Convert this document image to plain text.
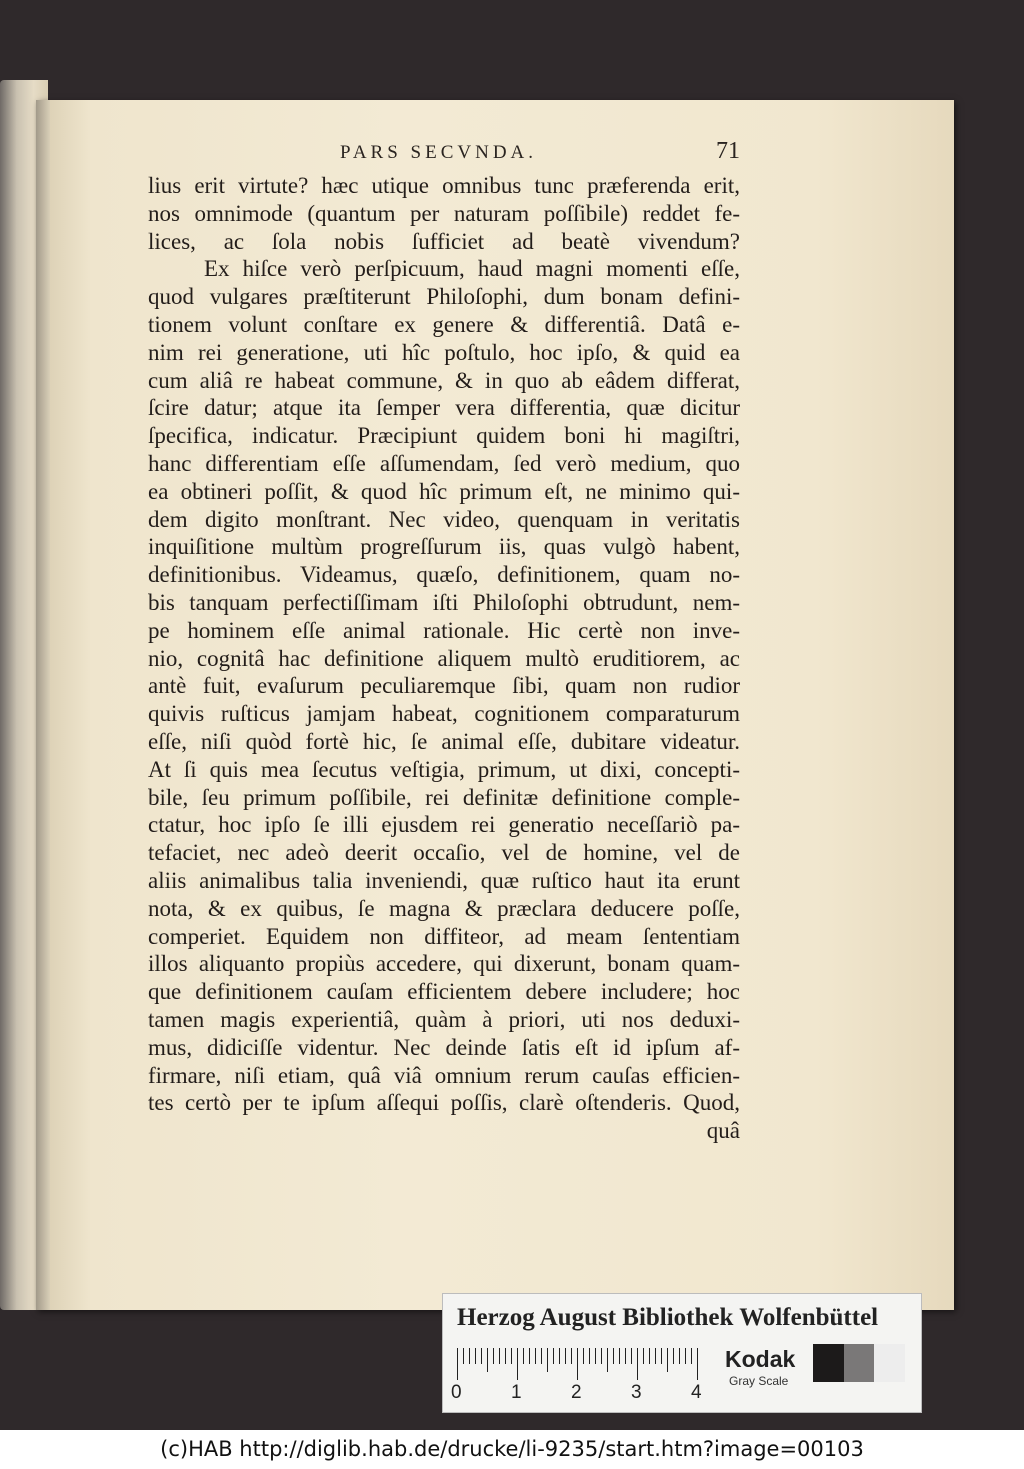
PARS SECVNDA.	71
lius erit virtute? hæc utique omnibus tunc præferenda erit,
nos omnimode (quantum per naturam poſſibile) reddet fe-
lices, ac ſola nobis ſufficiet ad beatè vivendum?
Ex hiſce verò perſpicuum, haud magni momenti eſſe,
quod vulgares præſtiterunt Philoſophi, dum bonam defini-
tionem volunt conſtare ex genere & differentiâ. Datâ e-
nim rei generatione, uti hîc poſtulo, hoc ipſo, & quid ea
cum aliâ re habeat commune, & in quo ab eâdem differat,
ſcire datur; atque ita ſemper vera differentia, quæ dicitur
ſpecifica, indicatur. Præcipiunt quidem boni hi magiſtri,
hanc differentiam eſſe aſſumendam, ſed verò medium, quo
ea obtineri poſſit, & quod hîc primum eſt, ne minimo qui-
dem digito monſtrant. Nec video, quenquam in veritatis
inquiſitione multùm progreſſurum iis, quas vulgò habent,
definitionibus. Videamus, quæſo, definitionem, quam no-
bis tanquam perfectiſſimam iſti Philoſophi obtrudunt, nem-
pe hominem eſſe animal rationale. Hic certè non inve-
nio, cognitâ hac definitione aliquem multò eruditiorem, ac
antè fuit, evaſurum peculiaremque ſibi, quam non rudior
quivis ruſticus jamjam habeat, cognitionem comparaturum
eſſe, niſi quòd fortè hic, ſe animal eſſe, dubitare videatur.
At ſi quis mea ſecutus veſtigia, primum, ut dixi, concepti-
bile, ſeu primum poſſibile, rei definitæ definitione comple-
ctatur, hoc ipſo ſe illi ejusdem rei generatio neceſſariò pa-
tefaciet, nec adeò deerit occaſio, vel de homine, vel de
aliis animalibus talia inveniendi, quæ ruſtico haut ita erunt
nota, & ex quibus, ſe magna & præclara deducere poſſe,
comperiet. Equidem non diffiteor, ad meam ſententiam
illos aliquanto propiùs accedere, qui dixerunt, bonam quam-
que definitionem cauſam efficientem debere includere; hoc
tamen magis experientiâ, quàm à priori, uti nos deduxi-
mus, didiciſſe videntur. Nec deinde ſatis eſt id ipſum af-
firmare, niſi etiam, quâ viâ omnium rerum cauſas efficien-
tes certò per te ipſum aſſequi poſſis, clarè oſtenderis. Quod,
quâ
Herzog August Bibliothek Wolfenbüttel
0	1	2	3	4
Kodak
Gray Scale
(c)HAB http://diglib.hab.de/drucke/li-9235/start.htm?image=00103
